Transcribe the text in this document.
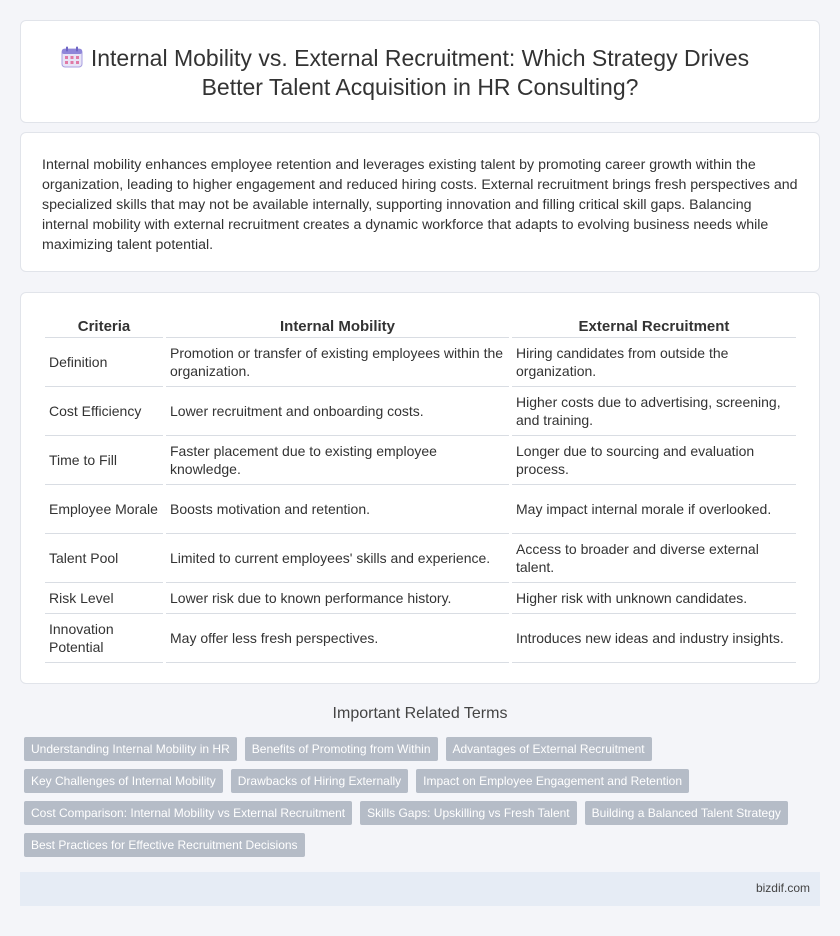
Internal Mobility vs. External Recruitment: Which Strategy Drives
Better Talent Acquisition in HR Consulting?

Internal mobility enhances employee retention and leverages existing talent by promoting career growth within the organization, leading to higher engagement and reduced hiring costs. External recruitment brings fresh perspectives and specialized skills that may not be available internally, supporting innovation and filling critical skill gaps. Balancing internal mobility with external recruitment creates a dynamic workforce that adapts to evolving business needs while maximizing talent potential.

Criteria	Internal Mobility	External Recruitment
Definition	Promotion or transfer of existing employees within the organization.	Hiring candidates from outside the organization.
Cost Efficiency	Lower recruitment and onboarding costs.	Higher costs due to advertising, screening, and training.
Time to Fill	Faster placement due to existing employee knowledge.	Longer due to sourcing and evaluation process.
Employee Morale	Boosts motivation and retention.	May impact internal morale if overlooked.
Talent Pool	Limited to current employees' skills and experience.	Access to broader and diverse external talent.
Risk Level	Lower risk due to known performance history.	Higher risk with unknown candidates.
Innovation Potential	May offer less fresh perspectives.	Introduces new ideas and industry insights.
Important Related Terms
Understanding Internal Mobility in HR	Benefits of Promoting from Within	Advantages of External Recruitment
Key Challenges of Internal Mobility	Drawbacks of Hiring Externally	Impact on Employee Engagement and Retention
Cost Comparison: Internal Mobility vs External Recruitment	Skills Gaps: Upskilling vs Fresh Talent	Building a Balanced Talent Strategy
Best Practices for Effective Recruitment Decisions
bizdif.com
